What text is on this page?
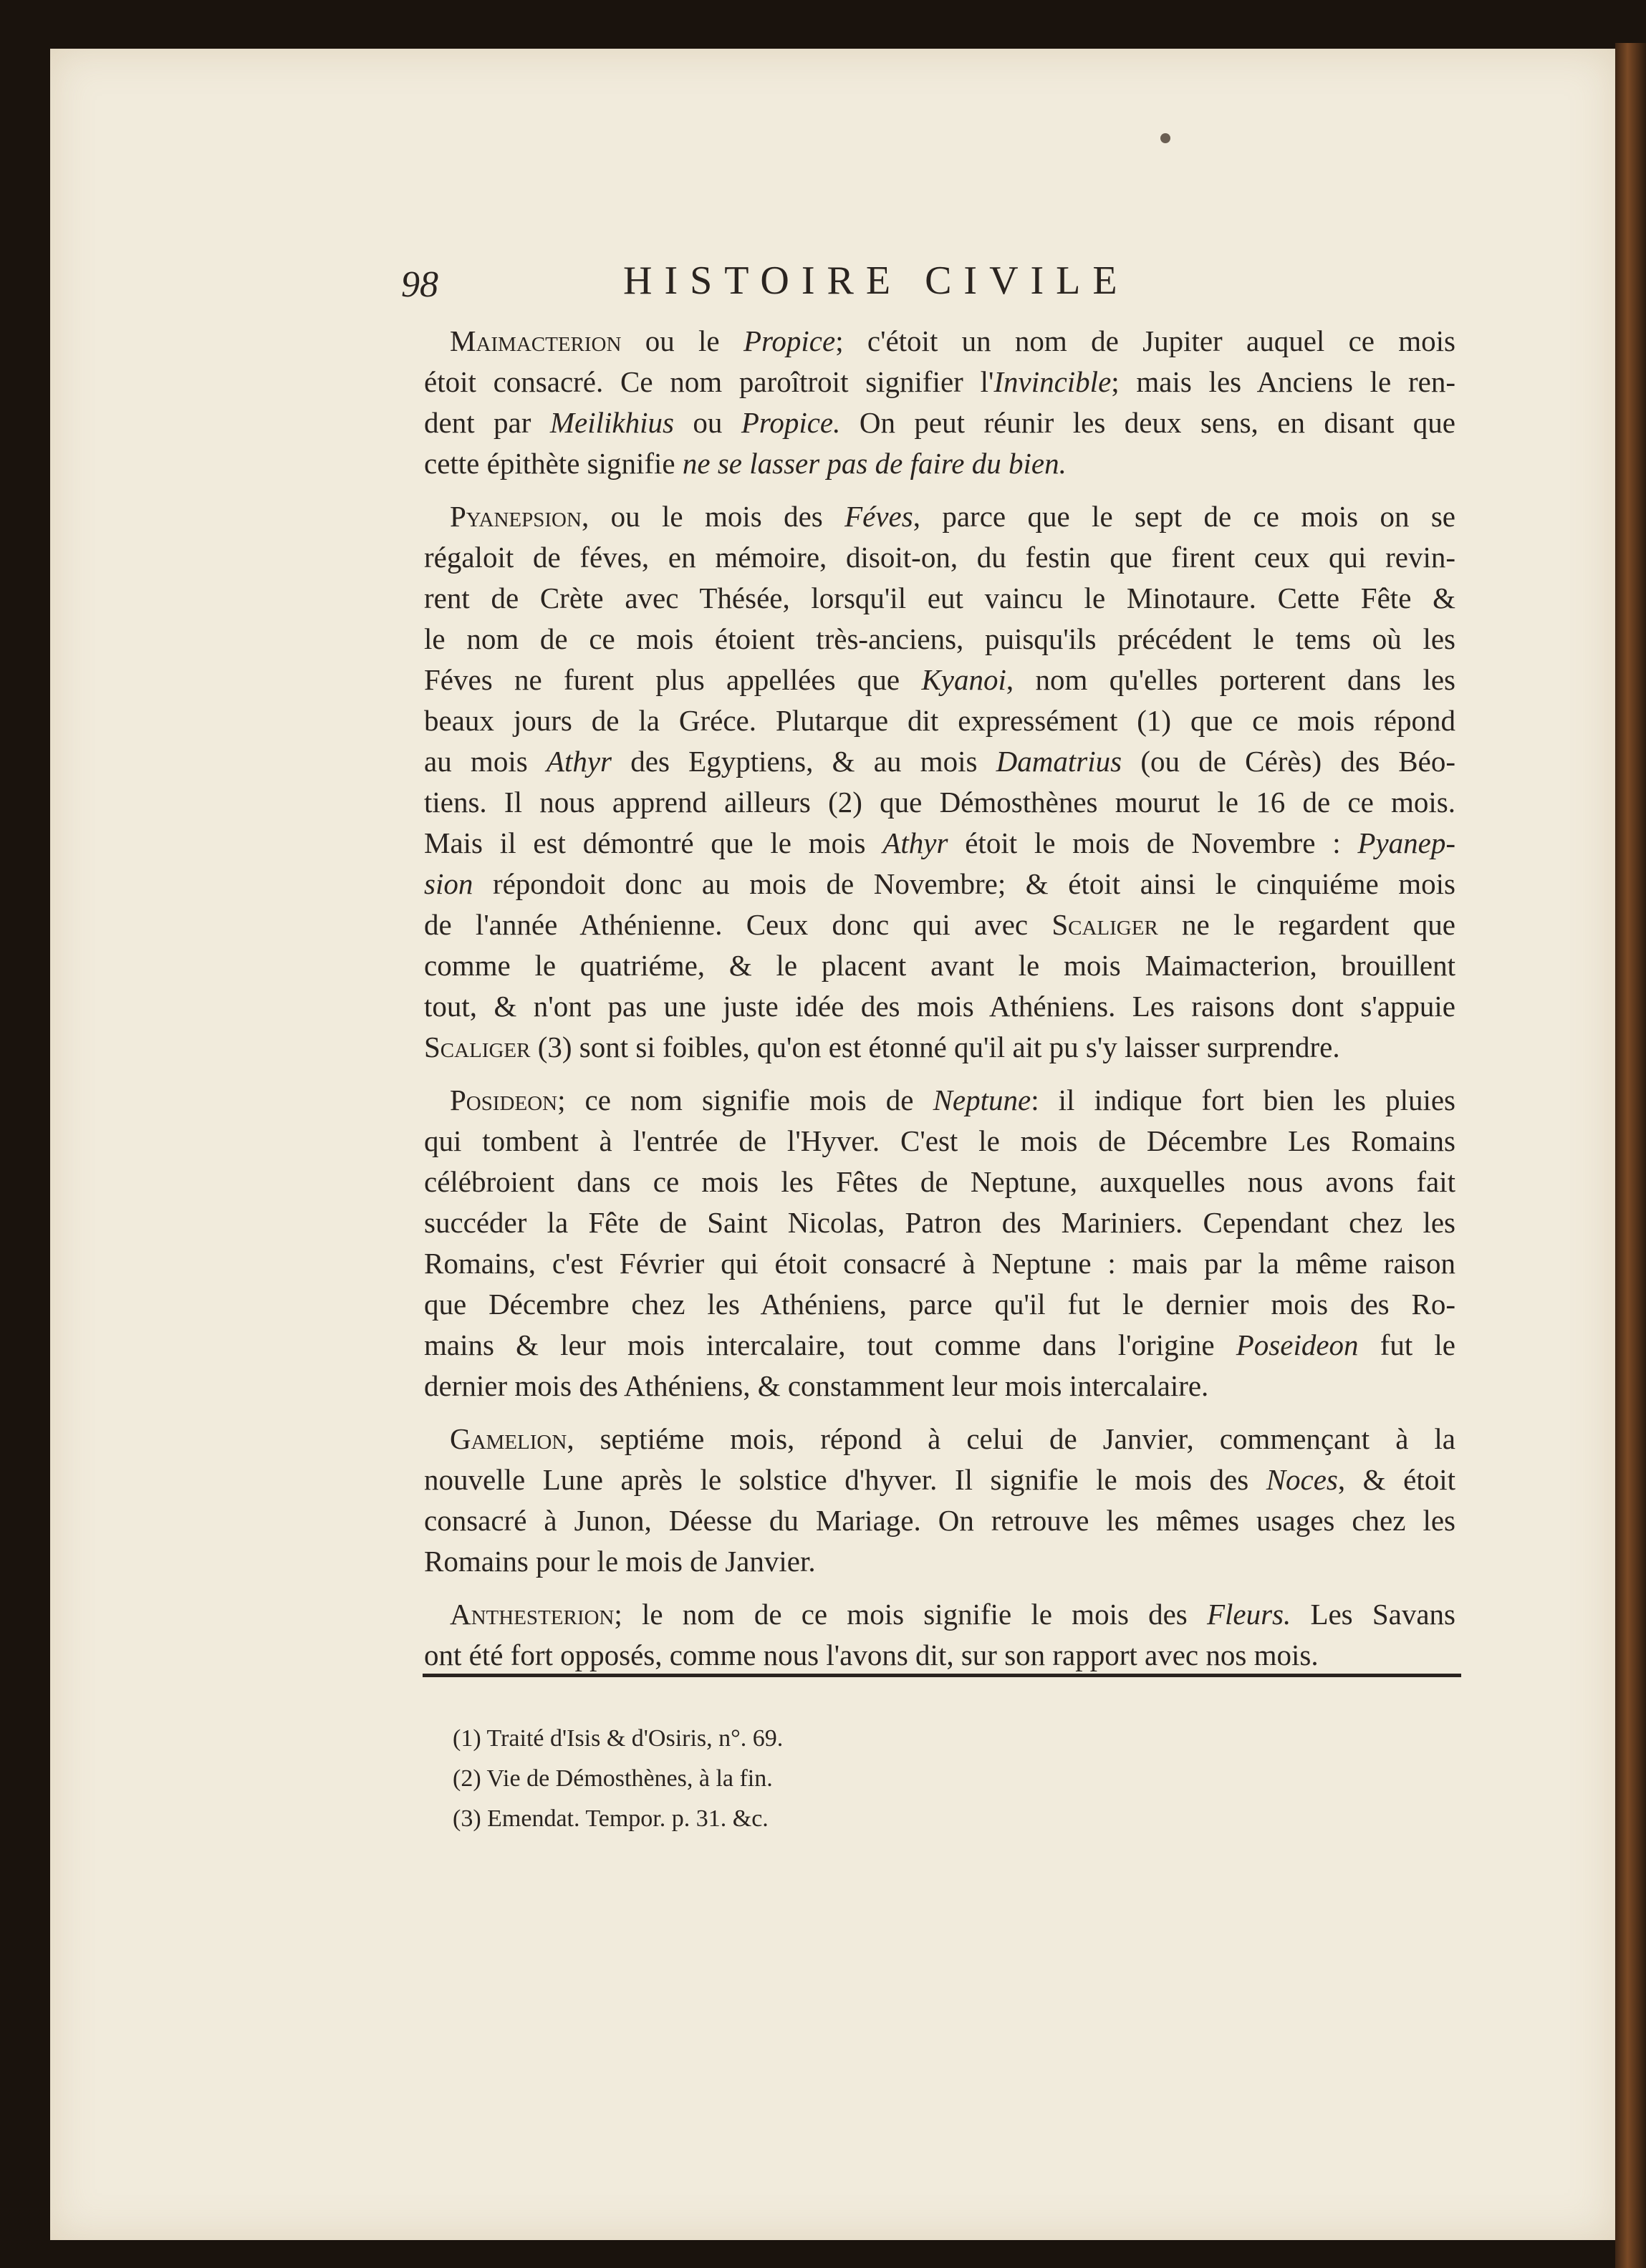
98	HISTOIRE CIVILE
Maimacterion ou le Propice; c'étoit un nom de Jupiter auquel ce mois
étoit consacré. Ce nom paroîtroit signifier l'Invincible; mais les Anciens le ren-
dent par Meilikhius ou Propice. On peut réunir les deux sens, en disant que
cette épithète signifie ne se lasser pas de faire du bien.
Pyanepsion, ou le mois des Féves, parce que le sept de ce mois on se
régaloit de féves, en mémoire, disoit-on, du festin que firent ceux qui revin-
rent de Crète avec Thésée, lorsqu'il eut vaincu le Minotaure. Cette Fête &
le nom de ce mois étoient très-anciens, puisqu'ils précédent le tems où les
Féves ne furent plus appellées que Kyanoi, nom qu'elles porterent dans les
beaux jours de la Gréce. Plutarque dit expressément (1) que ce mois répond
au mois Athyr des Egyptiens, & au mois Damatrius (ou de Cérès) des Béo-
tiens. Il nous apprend ailleurs (2) que Démosthènes mourut le 16 de ce mois.
Mais il est démontré que le mois Athyr étoit le mois de Novembre : Pyanep-
sion répondoit donc au mois de Novembre; & étoit ainsi le cinquiéme mois
de l'année Athénienne. Ceux donc qui avec Scaliger ne le regardent que
comme le quatriéme, & le placent avant le mois Maimacterion, brouillent
tout, & n'ont pas une juste idée des mois Athéniens. Les raisons dont s'appuie
Scaliger (3) sont si foibles, qu'on est étonné qu'il ait pu s'y laisser surprendre.
Posideon; ce nom signifie mois de Neptune: il indique fort bien les pluies
qui tombent à l'entrée de l'Hyver. C'est le mois de Décembre Les Romains
célébroient dans ce mois les Fêtes de Neptune, auxquelles nous avons fait
succéder la Fête de Saint Nicolas, Patron des Mariniers. Cependant chez les
Romains, c'est Février qui étoit consacré à Neptune : mais par la même raison
que Décembre chez les Athéniens, parce qu'il fut le dernier mois des Ro-
mains & leur mois intercalaire, tout comme dans l'origine Poseideon fut le
dernier mois des Athéniens, & constamment leur mois intercalaire.
Gamelion, septiéme mois, répond à celui de Janvier, commençant à la
nouvelle Lune après le solstice d'hyver. Il signifie le mois des Noces, & étoit
consacré à Junon, Déesse du Mariage. On retrouve les mêmes usages chez les
Romains pour le mois de Janvier.
Anthesterion; le nom de ce mois signifie le mois des Fleurs. Les Savans
ont été fort opposés, comme nous l'avons dit, sur son rapport avec nos mois.
(1) Traité d'Isis & d'Osiris, n°. 69.
(2) Vie de Démosthènes, à la fin.
(3) Emendat. Tempor. p. 31. &c.
